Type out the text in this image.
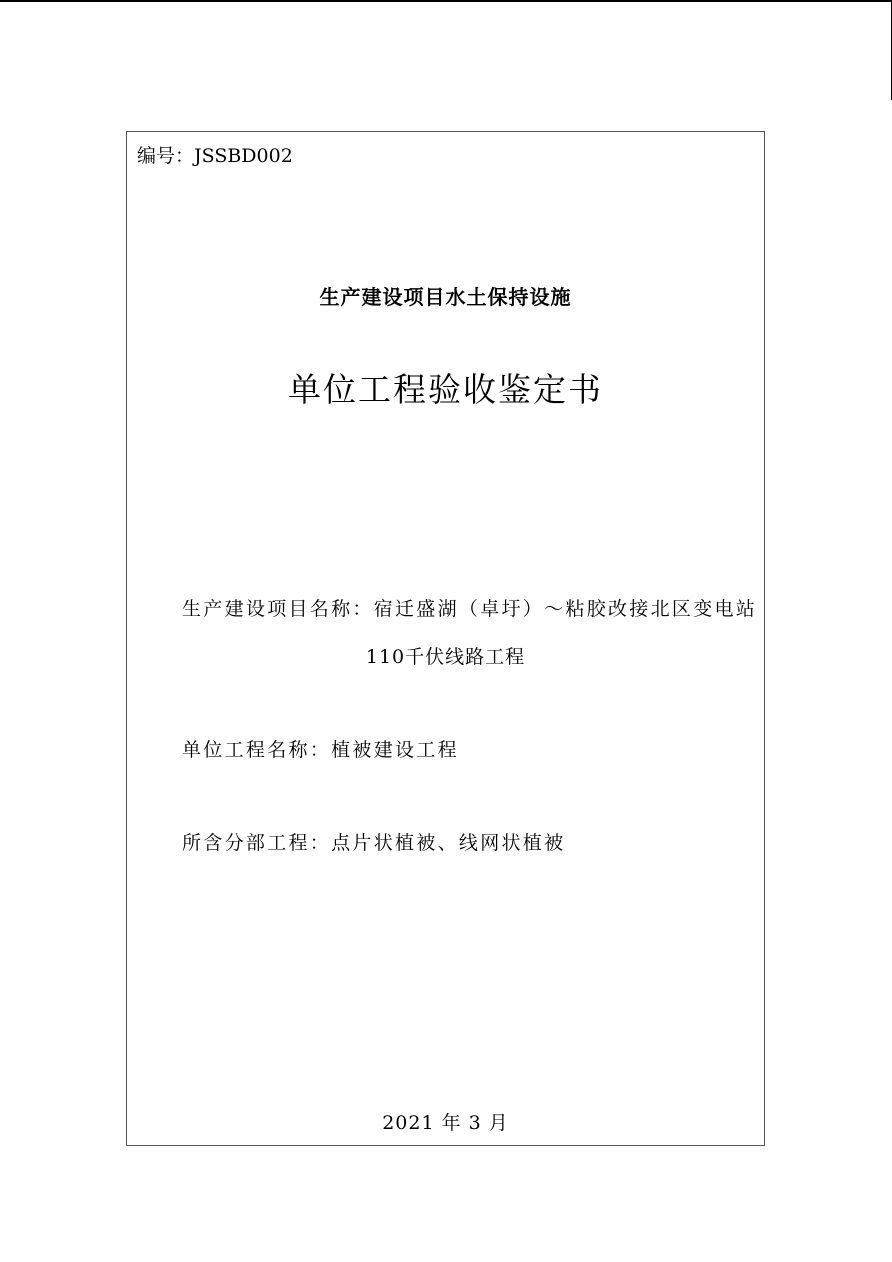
编号：JSSBD002
生产建设项目水土保持设施
单位工程验收鉴定书
生产建设项目名称：宿迁盛湖（卓圩）～粘胶改接北区变电站
110千伏线路工程
单位工程名称：植被建设工程
所含分部工程：点片状植被、线网状植被
2021 年 3 月
